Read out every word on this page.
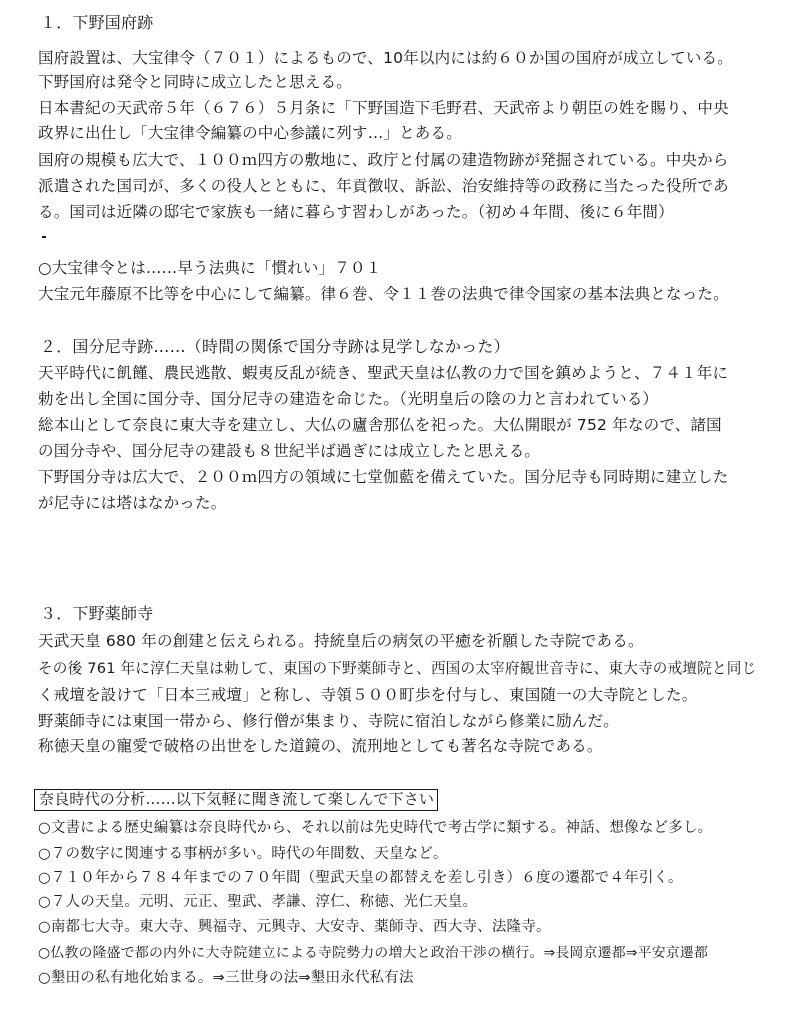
１．下野国府跡

国府設置は、大宝律令（７０１）によるもので、10年以内には約６０か国の国府が成立している。

下野国府は発令と同時に成立したと思える。

日本書紀の天武帝５年（６７６）５月条に「下野国造下毛野君、天武帝より朝臣の姓を賜り、中央

政界に出仕し「大宝律令編纂の中心参議に列す…」とある。

国府の規模も広大で、１００ｍ四方の敷地に、政庁と付属の建造物跡が発掘されている。中央から

派遣された国司が、多くの役人とともに、年貢徴収、訴訟、治安維持等の政務に当たった役所であ

る。国司は近隣の邸宅で家族も一緒に暮らす習わしがあった。（初め４年間、後に６年間）

○大宝律令とは……早う法典に「慣れい」７０１

大宝元年藤原不比等を中心にして編纂。律６巻、令１１巻の法典で律令国家の基本法典となった。

２．国分尼寺跡……（時間の関係で国分寺跡は見学しなかった）

天平時代に飢饉、農民逃散、蝦夷反乱が続き、聖武天皇は仏教の力で国を鎮めようと、７４１年に

勅を出し全国に国分寺、国分尼寺の建造を命じた。（光明皇后の陰の力と言われている）

総本山として奈良に東大寺を建立し、大仏の廬舎那仏を祀った。大仏開眼が 752 年なので、諸国

の国分寺や、国分尼寺の建設も８世紀半ば過ぎには成立したと思える。

下野国分寺は広大で、２００ｍ四方の領域に七堂伽藍を備えていた。国分尼寺も同時期に建立した

が尼寺には塔はなかった。

３．下野薬師寺

天武天皇 680 年の創建と伝えられる。持統皇后の病気の平癒を祈願した寺院である。

その後 761 年に淳仁天皇は勅して、東国の下野薬師寺と、西国の太宰府観世音寺に、東大寺の戒壇院と同じ

く戒壇を設けて「日本三戒壇」と称し、寺領５００町歩を付与し、東国随一の大寺院とした。

野薬師寺には東国一帯から、修行僧が集まり、寺院に宿泊しながら修業に励んだ。

称徳天皇の寵愛で破格の出世をした道鏡の、流刑地としても著名な寺院である。

奈良時代の分析……以下気軽に聞き流して楽しんで下さい

○文書による歴史編纂は奈良時代から、それ以前は先史時代で考古学に類する。神話、想像など多し。

○７の数字に関連する事柄が多い。時代の年間数、天皇など。

○７１０年から７８４年までの７０年間（聖武天皇の都替えを差し引き）６度の遷都で４年引く。

○７人の天皇。元明、元正、聖武、孝謙、淳仁、称徳、光仁天皇。

○南都七大寺。東大寺、興福寺、元興寺、大安寺、薬師寺、西大寺、法隆寺。

○仏教の隆盛で都の内外に大寺院建立による寺院勢力の増大と政治干渉の横行。⇒長岡京遷都⇒平安京遷都

○墾田の私有地化始まる。⇒三世身の法⇒墾田永代私有法
